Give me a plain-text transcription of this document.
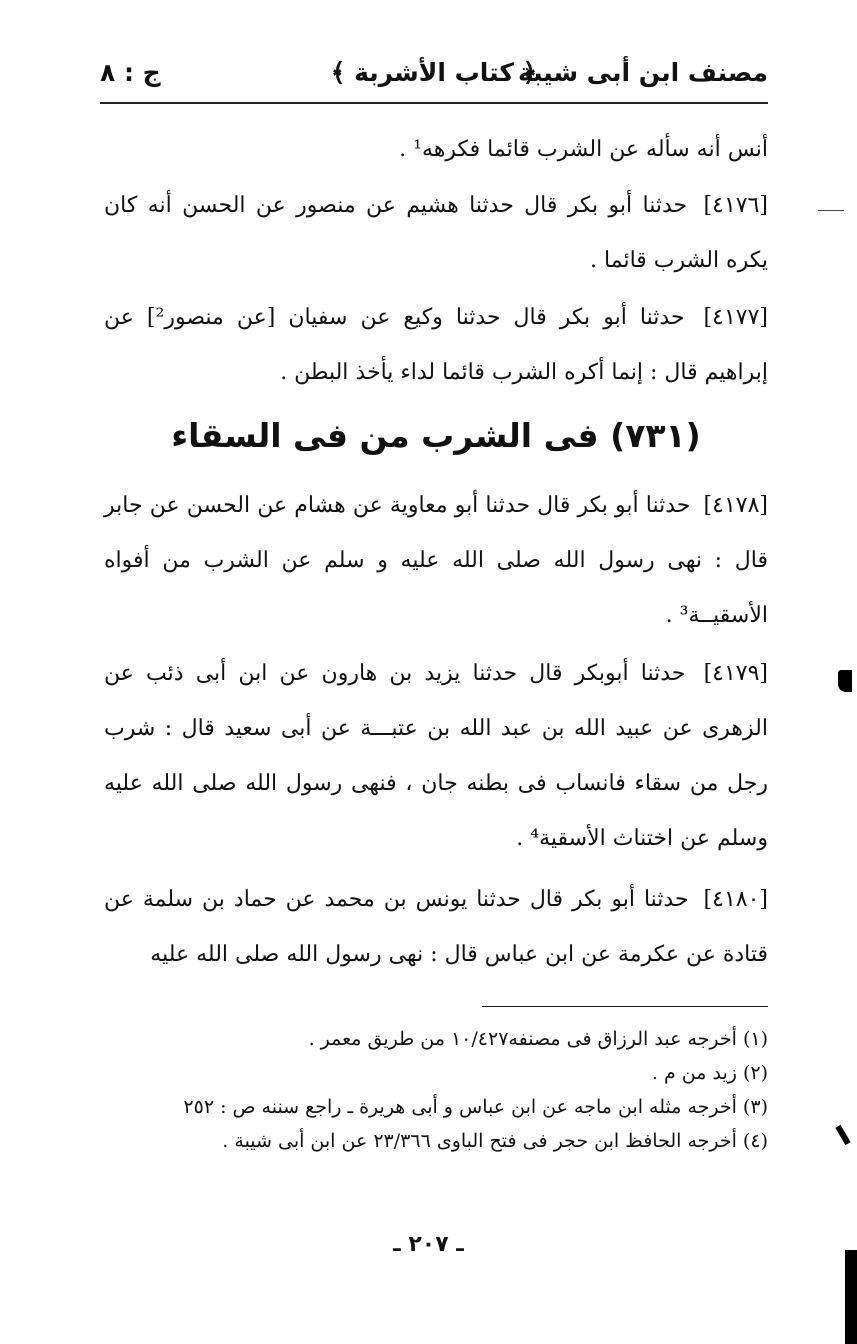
مصنف ابن أبى شيبة
﴿ كتاب الأشربة ﴾
ج : ٨
أنس أنه سأله عن الشرب قائما فكرهه¹ .
[٤١٧٦] حدثنا أبو بكر قال حدثنا هشيم عن منصور عن الحسن أنه كان يكره الشرب قائما .
[٤١٧٧] حدثنا أبو بكر قال حدثنا وكيع عن سفيان [عن منصور²] عن إبراهيم قال : إنما أكره الشرب قائما لداء يأخذ البطن .
(٧٣١) فى الشرب من فى السقاء
[٤١٧٨] حدثنا أبو بكر قال حدثنا أبو معاوية عن هشام عن الحسن عن جابر قال : نهى رسول الله صلى الله عليه و سلم عن الشرب من أفواه الأسقيــة³ .
[٤١٧٩] حدثنا أبوبكر قال حدثنا يزيد بن هارون عن ابن أبى ذئب عن الزهرى عن عبيد الله بن عبد الله بن عتبـــة عن أبى سعيد قال : شرب رجل من سقاء فانساب فى بطنه جان ، فنهى رسول الله صلى الله عليه وسلم عن اختناث الأسقية⁴ .
[٤١٨٠] حدثنا أبو بكر قال حدثنا يونس بن محمد عن حماد بن سلمة عن قتادة عن عكرمة عن ابن عباس قال : نهى رسول الله صلى الله عليه
(١) أخرجه عبد الرزاق فى مصنفه١٠/٤٢٧ من طريق معمر .
(٢) زيد من م .
(٣) أخرجه مثله ابن ماجه عن ابن عباس و أبى هريرة ـ راجع سننه ص : ٢٥٢
(٤) أخرجه الحافظ ابن حجر فى فتح الباوى ٢٣/٣٦٦ عن ابن أبى شيبة .
ـ ٢٠٧ ـ
